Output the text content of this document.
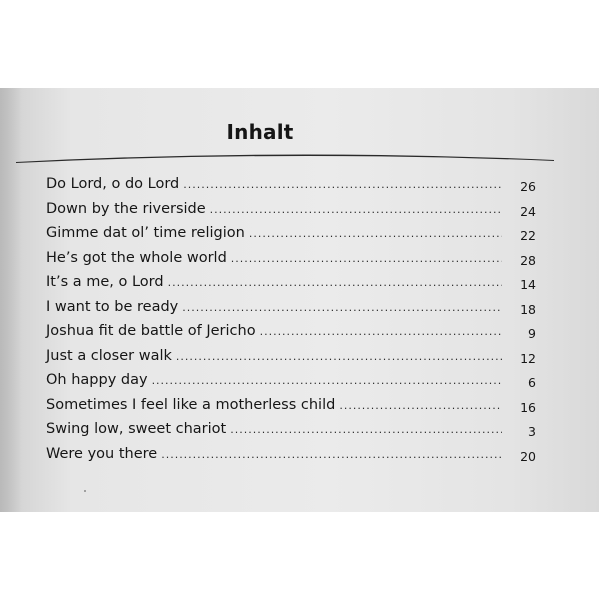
Inhalt
Do Lord, o do Lord .....	26
Down by the riverside .....	24
Gimme dat ol’ time religion .....	22
He’s got the whole world .....	28
It’s a me, o Lord .....	14
I want to be ready .....	18
Joshua fit de battle of Jericho .....	9
Just a closer walk .....	12
Oh happy day .....	6
Sometimes I feel like a motherless child .....	16
Swing low, sweet chariot .....	3
Were you there .....	20
